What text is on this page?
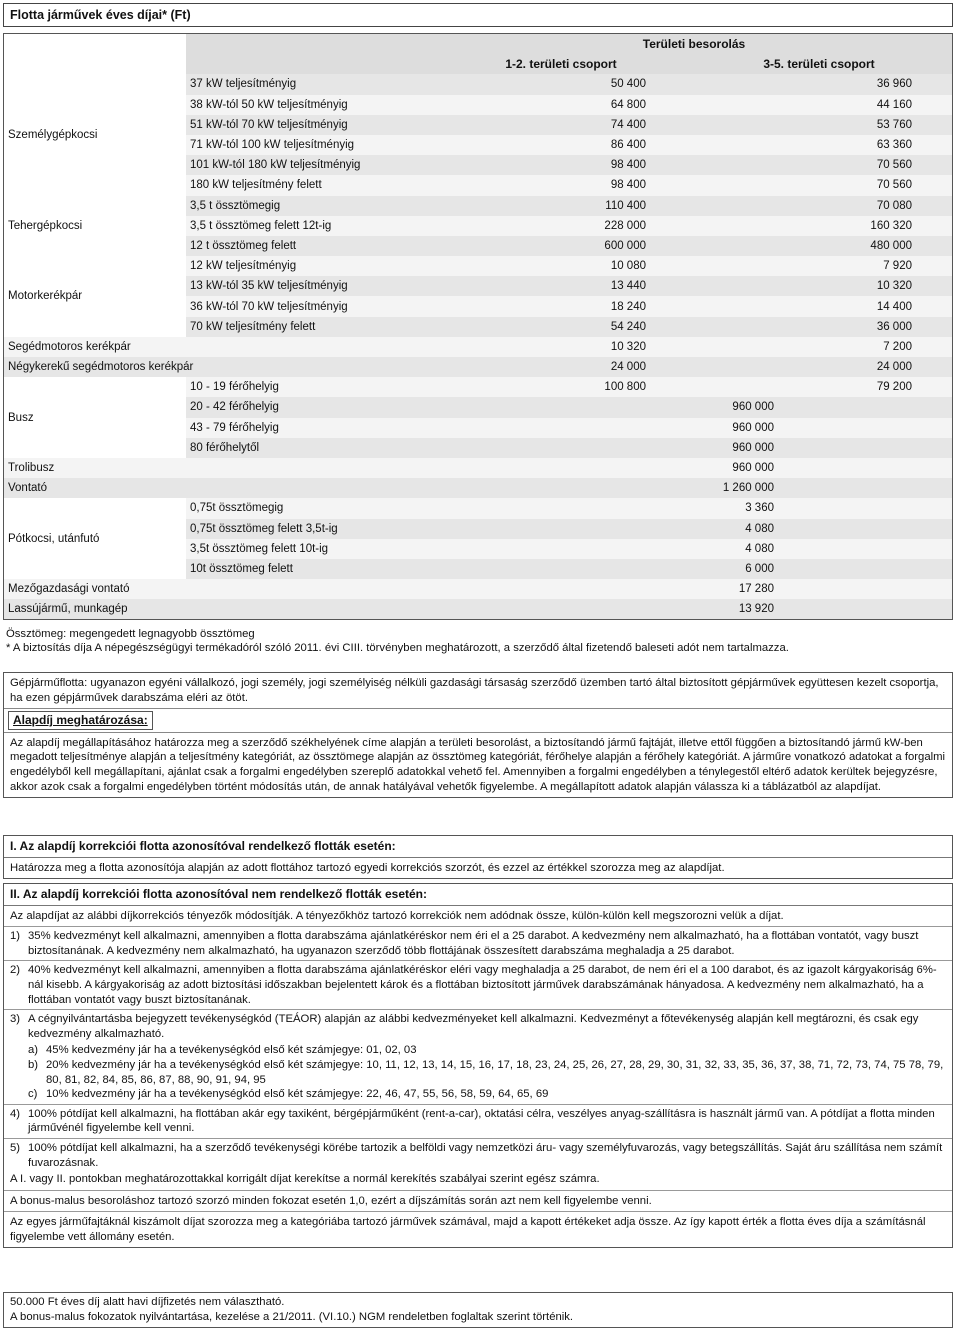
Flotta járművek éves díjai* (Ft)
		Területi besorolás	
		1-2. területi csoport	3-5. területi csoport
Személygépkocsi	37 kW teljesítményig	50 400	36 960
	38 kW-tól 50 kW teljesítményig	64 800	44 160
	51 kW-tól 70 kW teljesítményig	74 400	53 760
	71 kW-tól 100 kW teljesítményig	86 400	63 360
	101 kW-tól 180 kW teljesítményig	98 400	70 560
	180 kW teljesítmény felett	98 400	70 560
Tehergépkocsi	3,5 t össztömegig	110 400	70 080
	3,5 t össztömeg felett 12t-ig	228 000	160 320
	12 t össztömeg felett	600 000	480 000
Motorkerékpár	12 kW teljesítményig	10 080	7 920
	13 kW-tól 35 kW teljesítményig	13 440	10 320
	36 kW-tól 70 kW teljesítményig	18 240	14 400
	70 kW teljesítmény felett	54 240	36 000
Segédmotoros kerékpár		10 320	7 200
Négykerekű segédmotoros kerékpár		24 000	24 000
Busz	10 - 19 férőhelyig	100 800	79 200
	20 - 42 férőhelyig	960 000	
	43 - 79 férőhelyig	960 000	
	80 férőhelytől	960 000	
Trolibusz		960 000	
Vontató		1 260 000	
Pótkocsi, utánfutó	0,75t össztömegig	3 360	
	0,75t össztömeg felett 3,5t-ig	4 080	
	3,5t össztömeg felett 10t-ig	4 080	
	10t össztömeg felett	6 000	
Mezőgazdasági vontató		17 280	
Lassújármű, munkagép		13 920	
Össztömeg: megengedett legnagyobb össztömeg
* A biztosítás díja A népegészségügyi termékadóról szóló 2011. évi CIII. törvényben meghatározott, a szerződő által fizetendő baleseti adót nem tartalmazza.
Gépjárműflotta: ugyanazon egyéni vállalkozó, jogi személy, jogi személyiség nélküli gazdasági társaság szerződő üzemben tartó által biztosított gépjárművek együttesen kezelt csoportja, ha ezen gépjárművek darabszáma eléri az ötöt.
Alapdíj meghatározása:
Az alapdíj megállapításához határozza meg a szerződő székhelyének címe alapján a területi besorolást, a biztosítandó jármű fajtáját, illetve ettől függően a biztosítandó jármű kW-ben megadott teljesítménye alapján a teljesítmény kategóriát, az össztömege alapján az össztömeg kategóriát, férőhelye alapján a férőhely kategóriát. A járműre vonatkozó adatokat a forgalmi engedélyből kell megállapítani, ajánlat csak a forgalmi engedélyben szereplő adatokkal vehető fel. Amennyiben a forgalmi engedélyben a ténylegestől eltérő adatok kerültek bejegyzésre, akkor azok csak a forgalmi engedélyben történt módosítás után, de annak hatályával vehetők figyelembe. A megállapított adatok alapján válassza ki a táblázatból az alapdíjat.
I. Az alapdíj korrekciói flotta azonosítóval rendelkező flották esetén:
Határozza meg a flotta azonosítója alapján az adott flottához tartozó egyedi korrekciós szorzót, és ezzel az értékkel szorozza meg az alapdíjat.
II. Az alapdíj korrekciói flotta azonosítóval nem rendelkező flották esetén:
Az alapdíjat az alábbi díjkorrekciós tényezők módosítják. A tényezőkhöz tartozó korrekciók nem adódnak össze, külön-külön kell megszorozni velük a díjat.
1) 35% kedvezményt kell alkalmazni, amennyiben a flotta darabszáma ajánlatkéréskor nem éri el a 25 darabot. A kedvezmény nem alkalmazható, ha a flottában vontatót, vagy buszt biztosítanának. A kedvezmény nem alkalmazható, ha ugyanazon szerződő több flottájának összesített darabszáma meghaladja a 25 darabot.
2) 40% kedvezményt kell alkalmazni, amennyiben a flotta darabszáma ajánlatkéréskor eléri vagy meghaladja a 25 darabot, de nem éri el a 100 darabot, és az igazolt kárgyakoriság 6%-nál kisebb. A kárgyakoriság az adott biztosítási időszakban bejelentett károk és a flottában biztosított járművek darabszámának hányadosa. A kedvezmény nem alkalmazható, ha a flottában vontatót vagy buszt biztosítanának.
3) A cégnyilvántartásba bejegyzett tevékenységkód (TEÁOR) alapján az alábbi kedvezményeket kell alkalmazni. Kedvezményt a főtevékenység alapján kell megtározni, és csak egy kedvezmény alkalmazható.
a) 45% kedvezmény jár ha a tevékenységkód első két számjegye: 01, 02, 03
b) 20% kedvezmény jár ha a tevékenységkód első két számjegye: 10, 11, 12, 13, 14, 15, 16, 17, 18, 23, 24, 25, 26, 27, 28, 29, 30, 31, 32, 33, 35, 36, 37, 38, 71, 72, 73, 74, 75 78, 79, 80, 81, 82, 84, 85, 86, 87, 88, 90, 91, 94, 95
c) 10% kedvezmény jár ha a tevékenységkód első két számjegye: 22, 46, 47, 55, 56, 58, 59, 64, 65, 69
4) 100% pótdíjat kell alkalmazni, ha flottában akár egy taxiként, bérgépjárműként (rent-a-car), oktatási célra, veszélyes anyag-szállításra is használt jármű van. A pótdíjat a flotta minden járművénél figyelembe kell venni.
5) 100% pótdíjat kell alkalmazni, ha a szerződő tevékenységi körébe tartozik a belföldi vagy nemzetközi áru- vagy személyfuvarozás, vagy betegszállítás. Saját áru szállítása nem számít fuvarozásnak.
A I. vagy II. pontokban meghatározottakkal korrigált díjat kerekítse a normál kerekítés szabályai szerint egész számra.
A bonus-malus besoroláshoz tartozó szorzó minden fokozat esetén 1,0, ezért a díjszámítás során azt nem kell figyelembe venni.
Az egyes járműfajtáknál kiszámolt díjat szorozza meg a kategóriába tartozó járművek számával, majd a kapott értékeket adja össze. Az így kapott érték a flotta éves díja a számításnál figyelembe vett állomány esetén.
50.000 Ft éves díj alatt havi díjfizetés nem választható.
A bonus-malus fokozatok nyilvántartása, kezelése a 21/2011. (VI.10.) NGM rendeletben foglaltak szerint történik.
